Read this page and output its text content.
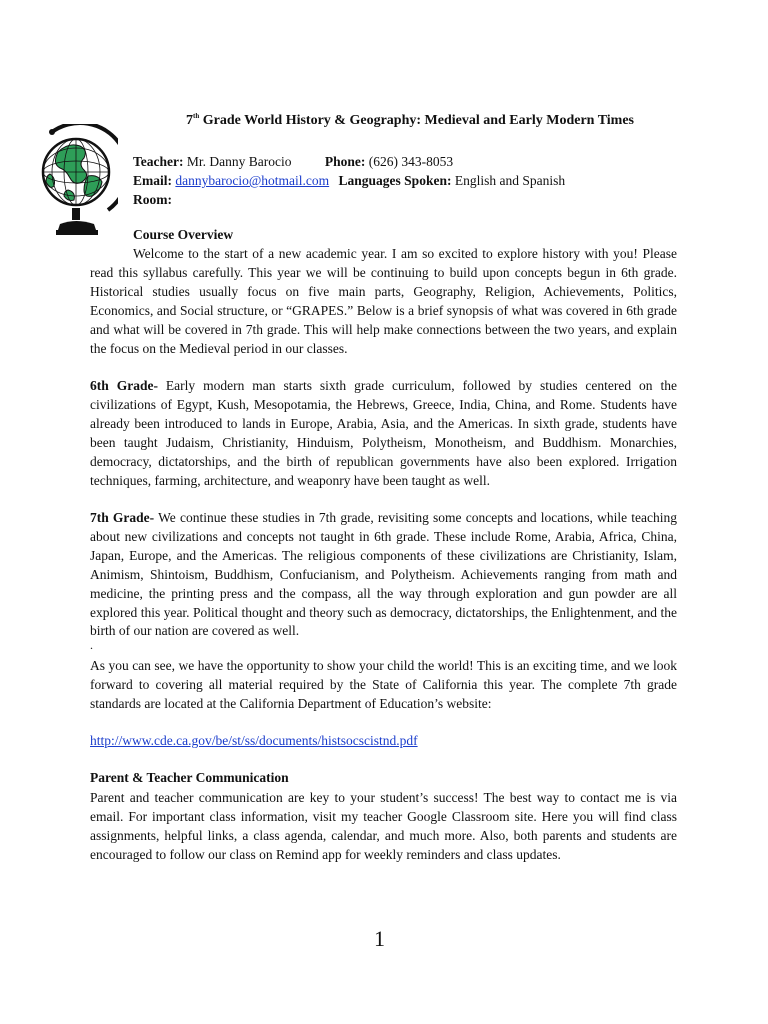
7th Grade World History & Geography: Medieval and Early Modern Times
Teacher: Mr. Danny Barocio Phone: (626) 343-8053
Email: dannybarocio@hotmail.com Languages Spoken: English and Spanish
Room:
Course Overview
Welcome to the start of a new academic year. I am so excited to explore history with you! Please read this syllabus carefully. This year we will be continuing to build upon concepts begun in 6th grade. Historical studies usually focus on five main parts, Geography, Religion, Achievements, Politics, Economics, and Social structure, or “GRAPES.” Below is a brief synopsis of what was covered in 6th grade and what will be covered in 7th grade. This will help make connections between the two years, and explain the focus on the Medieval period in our classes.
6th Grade- Early modern man starts sixth grade curriculum, followed by studies centered on the civilizations of Egypt, Kush, Mesopotamia, the Hebrews, Greece, India, China, and Rome. Students have already been introduced to lands in Europe, Arabia, Asia, and the Americas. In sixth grade, students have been taught Judaism, Christianity, Hinduism, Polytheism, Monotheism, and Buddhism. Monarchies, democracy, dictatorships, and the birth of republican governments have also been explored. Irrigation techniques, farming, architecture, and weaponry have been taught as well.
7th Grade- We continue these studies in 7th grade, revisiting some concepts and locations, while teaching about new civilizations and concepts not taught in 6th grade. These include Rome, Arabia, Africa, China, Japan, Europe, and the Americas. The religious components of these civilizations are Christianity, Islam, Animism, Shintoism, Buddhism, Confucianism, and Polytheism. Achievements ranging from math and medicine, the printing press and the compass, all the way through exploration and gun powder are all explored this year. Political thought and theory such as democracy, dictatorships, the Enlightenment, and the birth of our nation are covered as well.
.
As you can see, we have the opportunity to show your child the world! This is an exciting time, and we look forward to covering all material required by the State of California this year. The complete 7th grade standards are located at the California Department of Education’s website:
http://www.cde.ca.gov/be/st/ss/documents/histsocscistnd.pdf
Parent & Teacher Communication
Parent and teacher communication are key to your student’s success! The best way to contact me is via email. For important class information, visit my teacher Google Classroom site. Here you will find class assignments, helpful links, a class agenda, calendar, and much more. Also, both parents and students are encouraged to follow our class on Remind app for weekly reminders and class updates.
1
